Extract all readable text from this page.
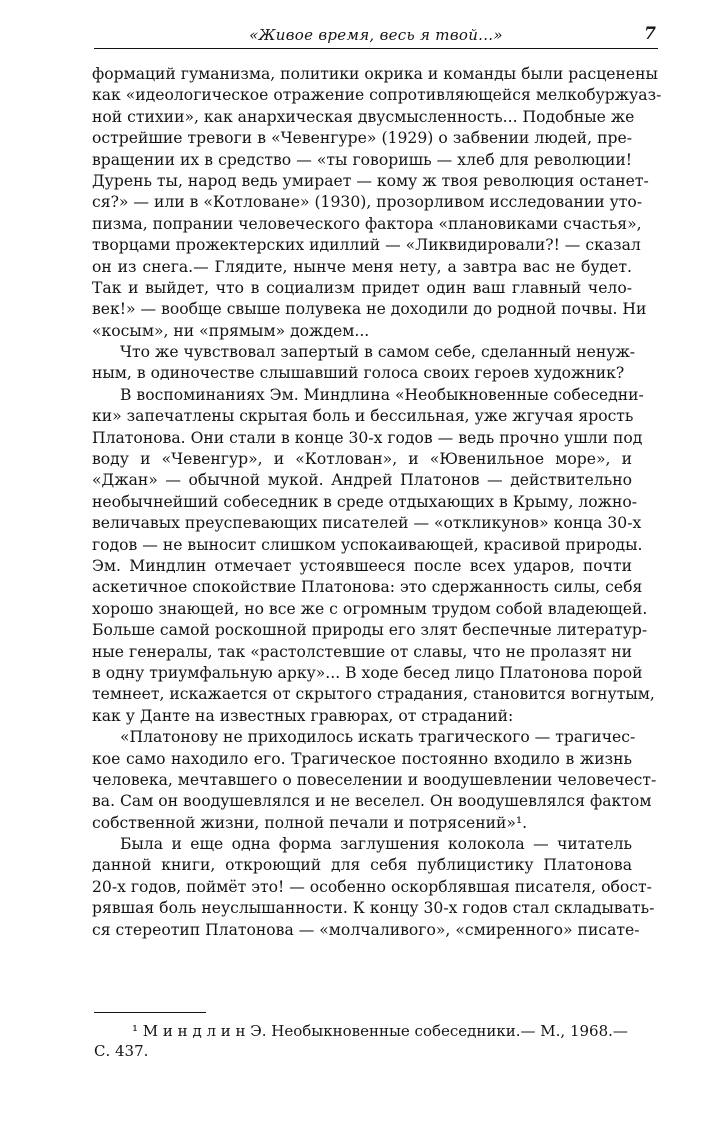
«Живое время, весь я твой...»	7
формаций гуманизма, политики окрика и команды были расценены
как «идеологическое отражение сопротивляющейся мелкобуржуаз-
ной стихии», как анархическая двусмысленность... Подобные же
острейшие тревоги в «Чевенгуре» (1929) о забвении людей, пре-
вращении их в средство — «ты говоришь — хлеб для революции!
Дурень ты, народ ведь умирает — кому ж твоя революция останет-
ся?» — или в «Котловане» (1930), прозорливом исследовании уто-
пизма, попрании человеческого фактора «плановиками счастья»,
творцами прожектерских идиллий — «Ликвидировали?! — сказал
он из снега.— Глядите, нынче меня нету, а завтра вас не будет.
Так и выйдет, что в социализм придет один ваш главный чело-
век!» — вообще свыше полувека не доходили до родной почвы. Ни
«косым», ни «прямым» дождем...
Что же чувствовал запертый в самом себе, сделанный ненуж-
ным, в одиночестве слышавший голоса своих героев художник?
В воспоминаниях Эм. Миндлина «Необыкновенные собеседни-
ки» запечатлены скрытая боль и бессильная, уже жгучая ярость
Платонова. Они стали в конце 30-х годов — ведь прочно ушли под
воду и «Чевенгур», и «Котлован», и «Ювенильное море», и
«Джан» — обычной мукой. Андрей Платонов — действительно
необычнейший собеседник в среде отдыхающих в Крыму, ложно-
величавых преуспевающих писателей — «откликунов» конца 30-х
годов — не выносит слишком успокаивающей, красивой природы.
Эм. Миндлин отмечает устоявшееся после всех ударов, почти
аскетичное спокойствие Платонова: это сдержанность силы, себя
хорошо знающей, но все же с огромным трудом собой владеющей.
Больше самой роскошной природы его злят беспечные литератур-
ные генералы, так «растолстевшие от славы, что не пролазят ни
в одну триумфальную арку»... В ходе бесед лицо Платонова порой
темнеет, искажается от скрытого страдания, становится вогнутым,
как у Данте на известных гравюрах, от страданий:
«Платонову не приходилось искать трагического — трагичес-
кое само находило его. Трагическое постоянно входило в жизнь
человека, мечтавшего о повеселении и воодушевлении человечест-
ва. Сам он воодушевлялся и не веселел. Он воодушевлялся фактом
собственной жизни, полной печали и потрясений»¹.
Была и еще одна форма заглушения колокола — читатель
данной книги, откроющий для себя публицистику Платонова
20-х годов, поймёт это! — особенно оскорблявшая писателя, обост-
рявшая боль неуслышанности. К концу 30-х годов стал складывать-
ся стереотип Платонова — «молчаливого», «смиренного» писате-
¹ М и н д л и н Э. Необыкновенные собеседники.— М., 1968.—
С. 437.
